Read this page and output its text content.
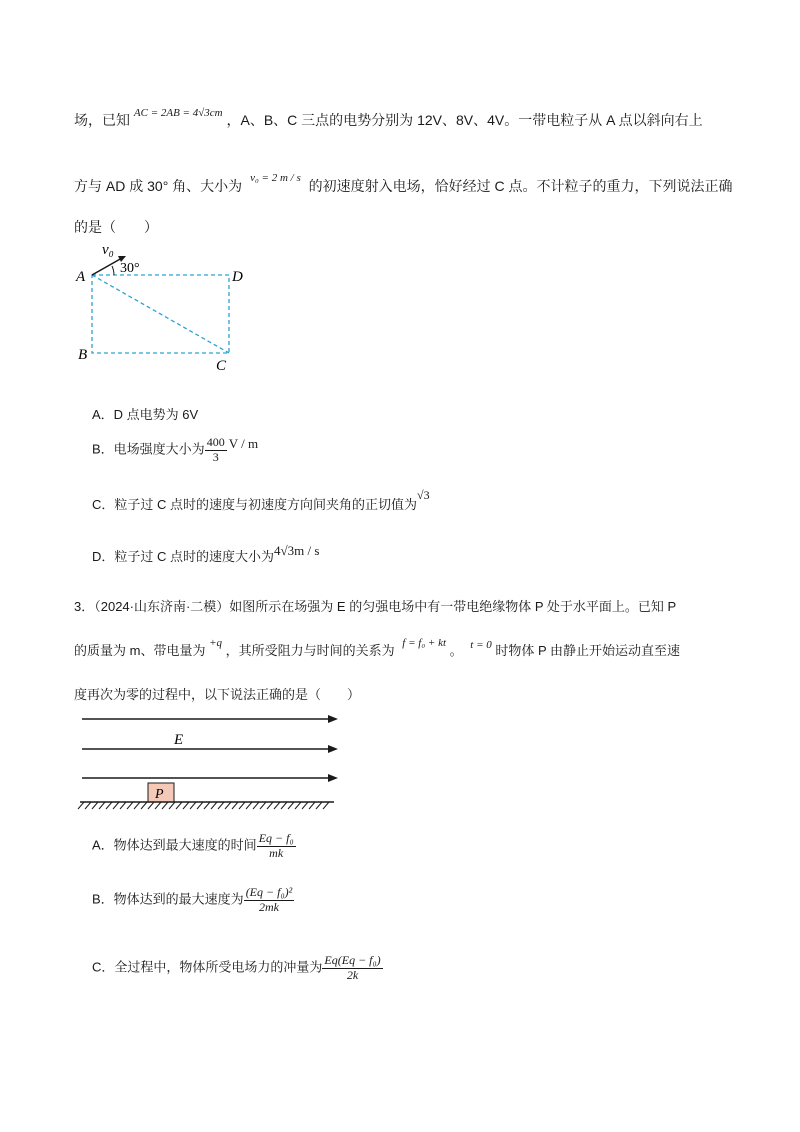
场，已知 $^{AC = 2AB = 4√3cm}$ ，A、B、C 三点的电势分别为 12V、8V、4V。一带电粒子从 A 点以斜向右上
方与 AD 成 30° 角、大小为 $^{v_0 = 2 m / s}$ 的初速度射入电场，恰好经过 C 点。不计粒子的重力，下列说法正确
的是（　　）
v₀
30°
A	D
B
C
A．D 点电势为 6V
B．电场强度大小为 $\frac{400}{3}$ V / m
C．粒子过 C 点时的速度与初速度方向间夹角的正切值为√3
D．粒子过 C 点时的速度大小为4√3m / s
3．（2024·山东济南·二模）如图所示在场强为 E 的匀强电场中有一带电绝缘物体 P 处于水平面上。已知 P
的质量为 m、带电量为 $^{+q}$ ，其所受阻力与时间的关系为 $^{f = f_0 + kt}$ 。 $^{t = 0}$ 时物体 P 由静止开始运动直至速
度再次为零的过程中，以下说法正确的是（　　）
E
P
A．物体达到最大速度的时间 $\frac{\text{Eq − f₀}}{mk}$
B．物体达到的最大速度为 $\frac{\text{(Eq − f₀)²}}{2mk}$
C．全过程中，物体所受电场力的冲量为 $\frac{\text{Eq(Eq − f₀)}}{2k}$
